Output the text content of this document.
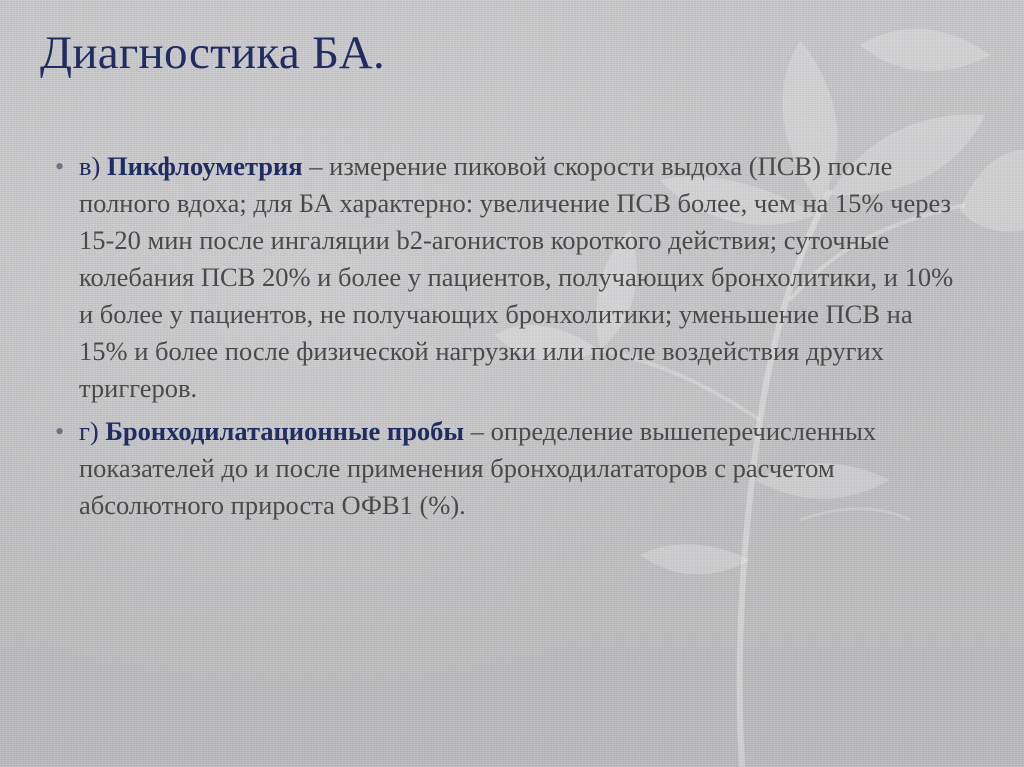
Диагностика БА.
• в) Пикфлоуметрия – измерение пиковой скорости выдоха (ПСВ) после полного вдоха; для БА характерно: увеличение ПСВ более, чем на 15% через 15-20 мин после ингаляции b2-агонистов короткого действия; суточные колебания ПСВ 20% и более у пациентов, получающих бронхолитики, и 10% и более у пациентов, не получающих бронхолитики; уменьшение ПСВ на 15% и более после физической нагрузки или после воздействия других триггеров.
• г) Бронходилатационные пробы – определение вышеперечисленных показателей до и после применения бронходилататоров с расчетом абсолютного прироста ОФВ1 (%).
